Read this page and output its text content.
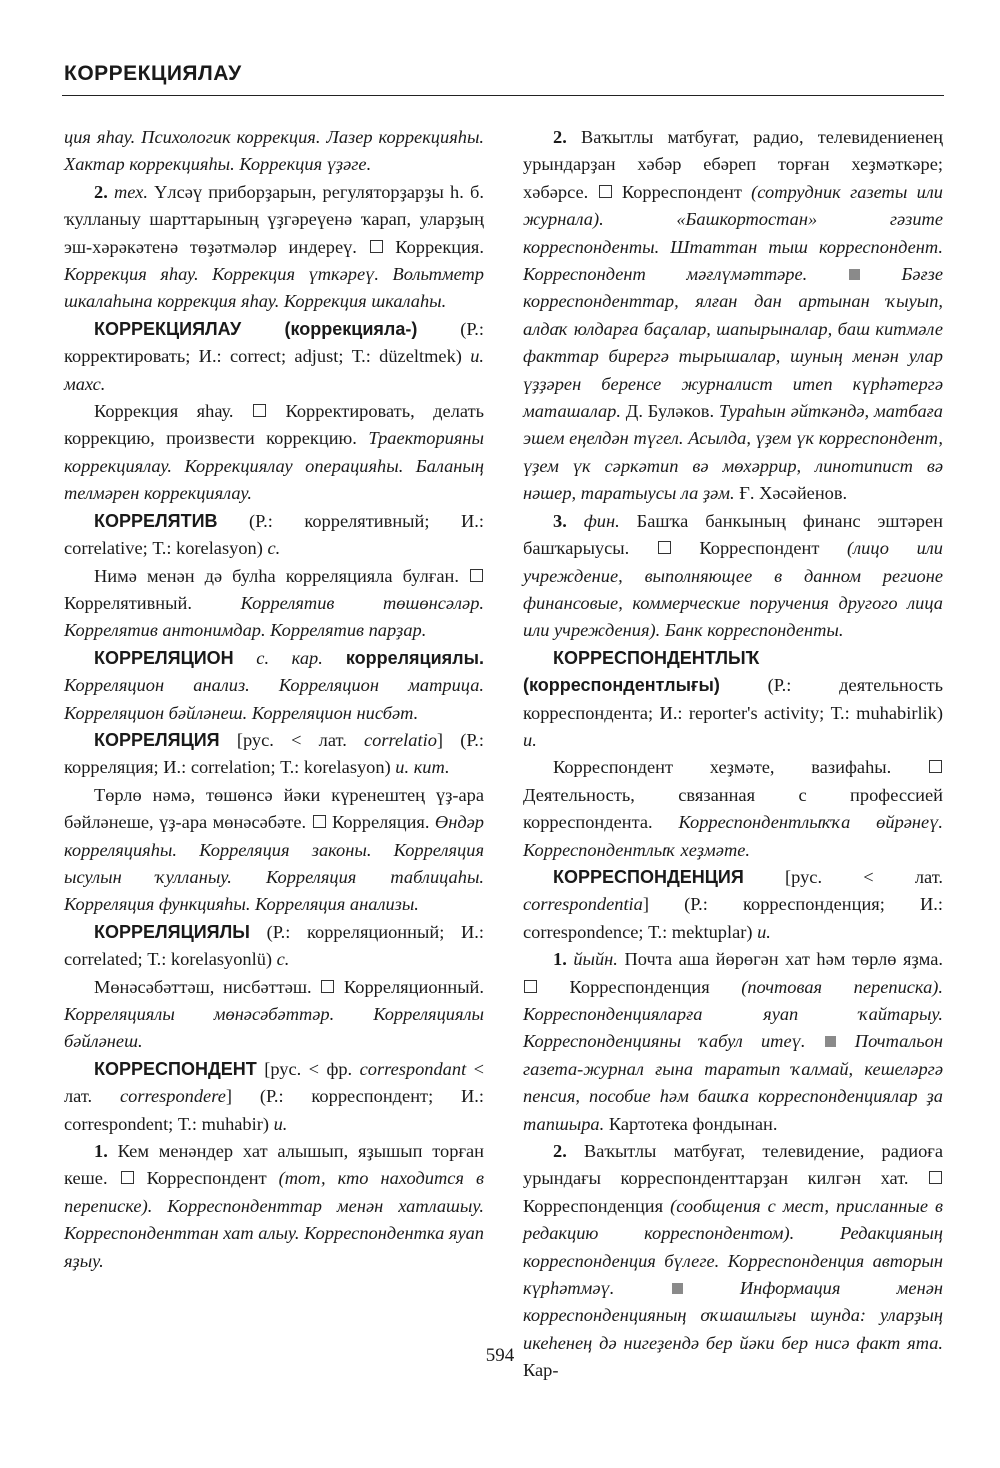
КОРРЕКЦИЯЛАУ

ция яһау. Психологик коррекция. Лазер коррекцияһы. Хактар коррекцияһы. Коррекция үҙәге.

2. тех. Үлсәү приборҙарын, регуляторҙарҙы һ. б. ҡулланыу шарттарының үҙгәреүенә ҡарап, уларҙың эш-хәрәкәтенә төҙәтмәләр индереү.  Коррекция. Коррекция яһау. Коррекция үткәреү. Вольтметр шкалаһына коррекция яһау. Коррекция шкалаһы.

КОРРЕКЦИЯЛАУ (коррекцияла-) (Р.: корректировать; И.: correct; adjust; Т.: düzeltmek) и. махс.

Коррекция яһау.  Корректировать, делать коррекцию, произвести коррекцию. Траекторияны коррекциялау. Коррекциялау операцияһы. Баланың телмәрен коррекциялау.

КОРРЕЛЯТИВ (Р.: коррелятивный; И.: correlative; Т.: korelasyon) с.

Нимә менән дә булһа корреляцияла булған.  Коррелятивный. Коррелятив төшөнсәләр. Коррелятив антонимдар. Коррелятив парҙар.

КОРРЕЛЯЦИОН с. кар. корреляциялы. Корреляцион анализ. Корреляцион матрица. Корреляцион бәйләнеш. Корреляцион нисбәт.

КОРРЕЛЯЦИЯ [рус. < лат. correlatio] (Р.: корреляция; И.: correlation; Т.: korelasyon) и. кит.

Төрлө нәмә, төшөнсә йәки күренештең үҙ-ара бәйләнеше, үҙ-ара мөнәсәбәте.  Корреляция. Өндәр корреляцияһы. Корреляция законы. Корреляция ысулын ҡулланыу. Корреляция таблицаһы. Корреляция функцияһы. Корреляция анализы.

КОРРЕЛЯЦИЯЛЫ (Р.: корреляционный; И.: correlated; Т.: korelasyonlü) с.

Мөнәсәбәттәш, нисбәттәш.  Корреляционный. Корреляциялы мөнәсәбәттәр. Корреляциялы бәйләнеш.

КОРРЕСПОНДЕНТ [рус. < фр. correspondant < лат. correspondere] (Р.: корреспондент; И.: correspondent; Т.: muhabir) и.

1. Кем менәндер хат алышып, яҙышып торған кеше.  Корреспондент (тот, кто находится в переписке). Корреспонденттар менән хатлашыу. Корреспонденттан хат алыу. Корреспондентка яуап яҙыу.

2. Ваҡытлы матбуғат, радио, телевидениенең урындарҙан хәбәр ебәреп торған хеҙмәткәре; хәбәрсе.  Корреспондент (сотрудник газеты или журнала). «Башкортостан» гәзите корреспонденты. Штаттан тыш корреспондент. Корреспондент мәғлүмәттәре.	Бәғзе корреспонденттар, ялған дан артынан ҡыуып, алдаҡ юлдарға баҫалар, шапырыналар, баш китмәле факттар бирергә тырышалар, шуның менән улар үҙҙәрен беренсе журналист итеп күрһәтергә маташалар. Д. Буләков. Тураһын әйткәндә, матбаға эшем еңелдән түгел. Асылда, үҙем үк корреспондент, үҙем үк сәркәтип вә мөхәррир, линотипист вә нәшер, таратыусы ла ҙәм. Ғ. Хәсәйенов.

3. фин. Башҡа банкының финанс эштәрен башҡарыусы.  Корреспондент (лицо или учреждение, выполняющее в данном регионе финансовые, коммерческие поручения другого лица или учреждения). Банк корреспонденты.

КОРРЕСПОНДЕНТЛЫҠ (корреспондентлығы) (Р.: деятельность корреспондента; И.: reporter's activity; Т.: muhabirlik) и.

Корреспондент хеҙмәте, вазифаһы.  Деятельность, связанная с профессией корреспондента. Корреспондентлыҡҡа өйрәнеү. Корреспондентлыҡ хеҙмәте.

КОРРЕСПОНДЕНЦИЯ [рус. < лат. correspondentia] (Р.: корреспонденция; И.: correspondence; Т.: mektuplar) и.

1. йыйн. Почта аша йөрөгән хат һәм төрлө яҙма.  Корреспонденция (почтовая переписка). Корреспонденцияларға яуап ҡайтарыу. Корреспонденцияны ҡабул итеү.  Почтальон газета-журнал ғына таратып ҡалмай, кешеләргә пенсия, пособие һәм башҡа корреспонденциялар ҙа тапшыра. Картотека фондынан.

2. Ваҡытлы матбуғат, телевидение, радиоға урындағы корреспонденттарҙан килгән хат.  Корреспонденция (сообщения с мест, присланные в редакцию корреспондентом). Редакцияның корреспонденция бүлеге. Корреспонденция авторын күрһәтмәү.	Информация менән корреспонденцияның оҡшашлығы шунда: уларҙың икеһенең дә нигеҙендә бер йәки бер нисә факт ята. Кар-

594
